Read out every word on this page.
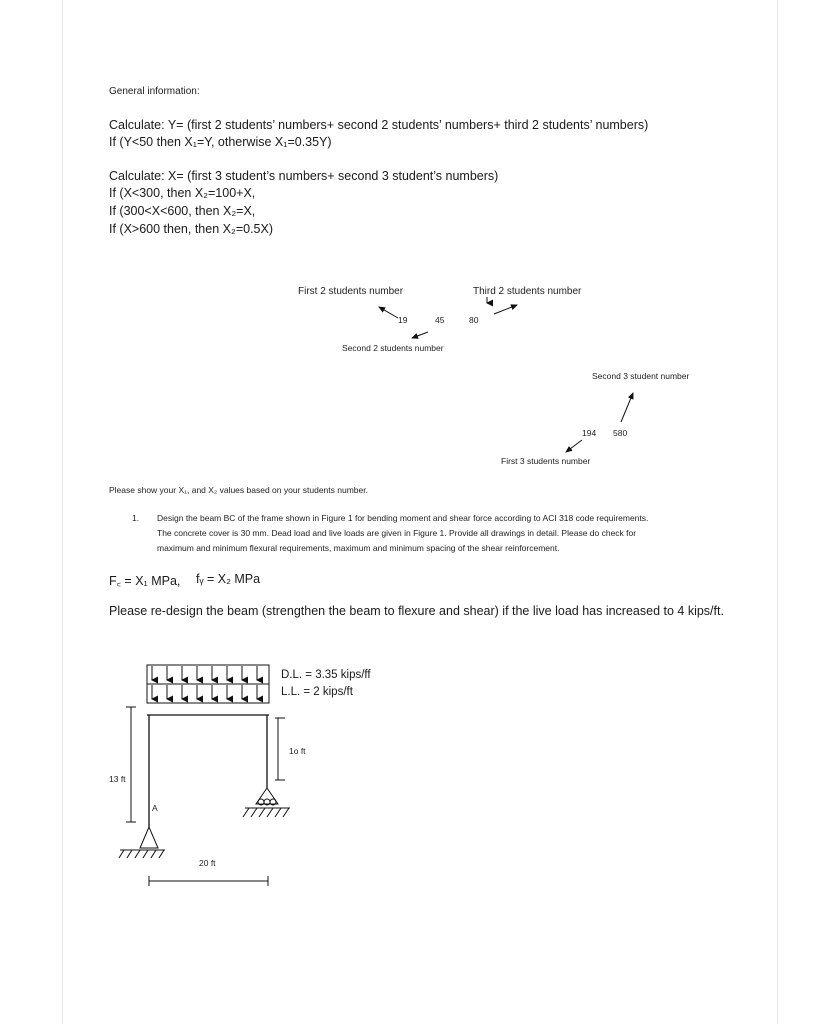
General information:
Calculate: Y= (first 2 students’ numbers+ second 2 students’ numbers+ third 2 students’ numbers)
If (Y<50 then X₁=Y, otherwise X₁=0.35Y)
Calculate: X= (first 3 student’s numbers+ second 3 student’s numbers)
If (X<300, then X₂=100+X,
If (300<X<600, then X₂=X,
If (X>600 then, then X₂=0.5X)
First 2 students number	Third 2 students number
19	45	80
Second 2 students number
Second 3 student number
194 580
First 3 students number
Please show your X₁, and X₂ values based on your students number.
1. Design the beam BC of the frame shown in Figure 1 for bending moment and shear force according to ACI 318 code requirements.
The concrete cover is 30 mm. Dead load and live loads are given in Figure 1. Provide all drawings in detail. Please do check for
maximum and minimum flexural requirements, maximum and minimum spacing of the shear reinforcement.
F꜀ = X₁ MPa, fᵧ = X₂ MPa
Please re-design the beam (strengthen the beam to flexure and shear) if the live load has increased to 4 kips/ft.
D.L. = 3.35 kips/ff
L.L. = 2 kips/ft
1o ft
13 ft
A
20 ft
